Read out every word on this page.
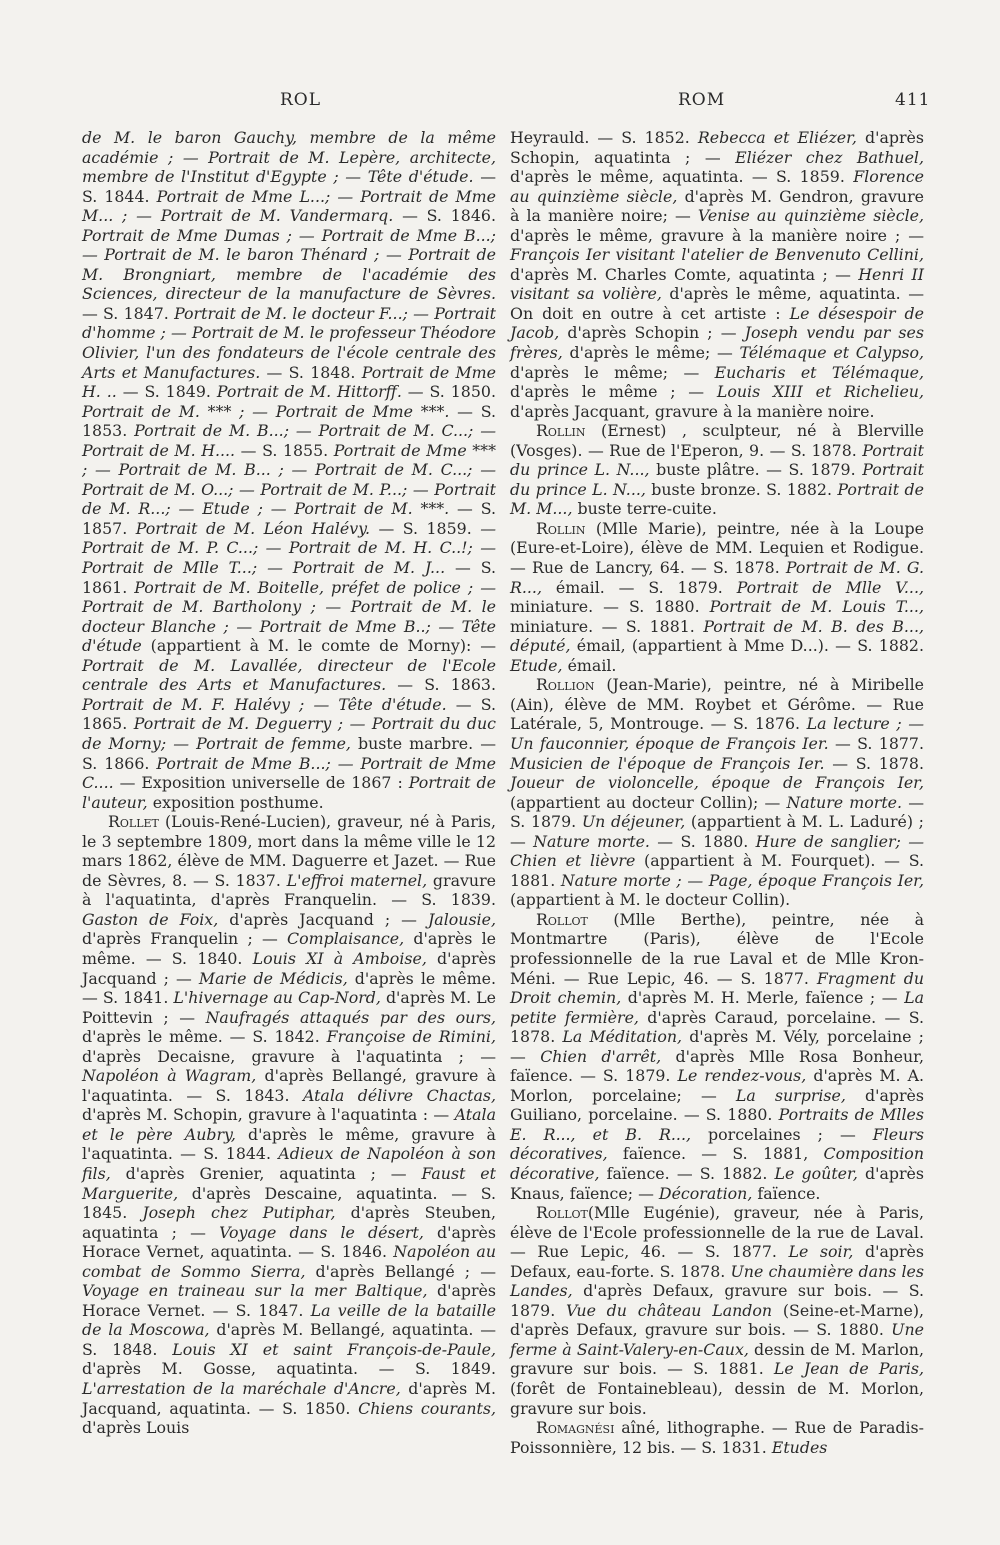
ROL	ROM	411

de M. le baron Gauchy, membre de la même académie ; — Portrait de M. Lepère, architecte, membre de l'Institut d'Egypte ; — Tête d'étude. — S. 1844. Portrait de Mme L...; — Portrait de Mme M... ; — Portrait de M. Vandermarq. — S. 1846. Portrait de Mme Dumas ; — Portrait de Mme B...; — Portrait de M. le baron Thénard ; — Portrait de M. Brongniart, membre de l'académie des Sciences, directeur de la manufacture de Sèvres. — S. 1847. Portrait de M. le docteur F...; — Portrait d'homme ; — Portrait de M. le professeur Théodore Olivier, l'un des fondateurs de l'école centrale des Arts et Manufactures. — S. 1848. Portrait de Mme H. .. — S. 1849. Portrait de M. Hittorff. — S. 1850. Portrait de M. *** ; — Portrait de Mme ***. — S. 1853. Portrait de M. B...; — Portrait de M. C...; — Portrait de M. H.... — S. 1855. Portrait de Mme *** ; — Portrait de M. B... ; — Portrait de M. C...; — Portrait de M. O...; — Portrait de M. P...; — Portrait de M. R...; — Etude ; — Portrait de M. ***. — S. 1857. Portrait de M. Léon Halévy. — S. 1859. — Portrait de M. P. C...; — Portrait de M. H. C..!; — Portrait de Mlle T...; — Portrait de M. J... — S. 1861. Portrait de M. Boitelle, préfet de police ; — Portrait de M. Bartholony ; — Portrait de M. le docteur Blanche ; — Portrait de Mme B..; — Tête d'étude (appartient à M. le comte de Morny): — Portrait de M. Lavallée, directeur de l'Ecole centrale des Arts et Manufactures. — S. 1863. Portrait de M. F. Halévy ; — Tête d'étude. — S. 1865. Portrait de M. Deguerry ; — Portrait du duc de Morny; — Portrait de femme, buste marbre. — S. 1866. Portrait de Mme B...; — Portrait de Mme C.... — Exposition universelle de 1867 : Portrait de l'auteur, exposition posthume.

Rollet (Louis-René-Lucien), graveur, né à Paris, le 3 septembre 1809, mort dans la même ville le 12 mars 1862, élève de MM. Daguerre et Jazet. — Rue de Sèvres, 8. — S. 1837. L'effroi maternel, gravure à l'aquatinta, d'après Franquelin. — S. 1839. Gaston de Foix, d'après Jacquand ; — Jalousie, d'après Franquelin ; — Complaisance, d'après le même. — S. 1840. Louis XI à Amboise, d'après Jacquand ; — Marie de Médicis, d'après le même. — S. 1841. L'hivernage au Cap-Nord, d'après M. Le Poittevin ; — Naufragés attaqués par des ours, d'après le même. — S. 1842. Françoise de Rimini, d'après Decaisne, gravure à l'aquatinta ; — Napoléon à Wagram, d'après Bellangé, gravure à l'aquatinta. — S. 1843. Atala délivre Chactas, d'après M. Schopin, gravure à l'aquatinta : — Atala et le père Aubry, d'après le même, gravure à l'aquatinta. — S. 1844. Adieux de Napoléon à son fils, d'après Grenier, aquatinta ; — Faust et Marguerite, d'après Descaine, aquatinta. — S. 1845. Joseph chez Putiphar, d'après Steuben, aquatinta ; — Voyage dans le désert, d'après Horace Vernet, aquatinta. — S. 1846. Napoléon au combat de Sommo Sierra, d'après Bellangé ; — Voyage en traineau sur la mer Baltique, d'après Horace Vernet. — S. 1847. La veille de la bataille de la Moscowa, d'après M. Bellangé, aquatinta. — S. 1848. Louis XI et saint François-de-Paule, d'après M. Gosse, aquatinta. — S. 1849. L'arrestation de la maréchale d'Ancre, d'après M. Jacquand, aquatinta. — S. 1850. Chiens courants, d'après Louis

Heyrauld. — S. 1852. Rebecca et Eliézer, d'après Schopin, aquatinta ; — Eliézer chez Bathuel, d'après le même, aquatinta. — S. 1859. Florence au quinzième siècle, d'après M. Gendron, gravure à la manière noire; — Venise au quinzième siècle, d'après le même, gravure à la manière noire ; — François Ier visitant l'atelier de Benvenuto Cellini, d'après M. Charles Comte, aquatinta ; — Henri II visitant sa volière, d'après le même, aquatinta. — On doit en outre à cet artiste : Le désespoir de Jacob, d'après Schopin ; — Joseph vendu par ses frères, d'après le même; — Télémaque et Calypso, d'après le même; — Eucharis et Télémaque, d'après le même ; — Louis XIII et Richelieu, d'après Jacquant, gravure à la manière noire.

Rollin (Ernest) , sculpteur, né à Blerville (Vosges). — Rue de l'Eperon, 9. — S. 1878. Portrait du prince L. N..., buste plâtre. — S. 1879. Portrait du prince L. N..., buste bronze. S. 1882. Portrait de M. M..., buste terre-cuite.

Rollin (Mlle Marie), peintre, née à la Loupe (Eure-et-Loire), élève de MM. Lequien et Rodigue. — Rue de Lancry, 64. — S. 1878. Portrait de M. G. R..., émail. — S. 1879. Portrait de Mlle V..., miniature. — S. 1880. Portrait de M. Louis T..., miniature. — S. 1881. Portrait de M. B. des B..., député, émail, (appartient à Mme D...). — S. 1882. Etude, émail.

Rollion (Jean-Marie), peintre, né à Miribelle (Ain), élève de MM. Roybet et Gérôme. — Rue Latérale, 5, Montrouge. — S. 1876. La lecture ; — Un fauconnier, époque de François Ier. — S. 1877. Musicien de l'époque de François Ier. — S. 1878. Joueur de violoncelle, époque de François Ier, (appartient au docteur Collin); — Nature morte. — S. 1879. Un déjeuner, (appartient à M. L. Laduré) ; — Nature morte. — S. 1880. Hure de sanglier; — Chien et lièvre (appartient à M. Fourquet). — S. 1881. Nature morte ; — Page, époque François Ier, (appartient à M. le docteur Collin).

Rollot (Mlle Berthe), peintre, née à Montmartre (Paris), élève de l'Ecole professionnelle de la rue Laval et de Mlle Kron-Méni. — Rue Lepic, 46. — S. 1877. Fragment du Droit chemin, d'après M. H. Merle, faïence ; — La petite fermière, d'après Caraud, porcelaine. — S. 1878. La Méditation, d'après M. Vély, porcelaine ; — Chien d'arrêt, d'après Mlle Rosa Bonheur, faïence. — S. 1879. Le rendez-vous, d'après M. A. Morlon, porcelaine; — La surprise, d'après Guiliano, porcelaine. — S. 1880. Portraits de Mlles E. R..., et B. R..., porcelaines ; — Fleurs décoratives, faïence. — S. 1881, Composition décorative, faïence. — S. 1882. Le goûter, d'après Knaus, faïence; — Décoration, faïence.

Rollot(Mlle Eugénie), graveur, née à Paris, élève de l'Ecole professionnelle de la rue de Laval. — Rue Lepic, 46. — S. 1877. Le soir, d'après Defaux, eau-forte. S. 1878. Une chaumière dans les Landes, d'après Defaux, gravure sur bois. — S. 1879. Vue du château Landon (Seine-et-Marne), d'après Defaux, gravure sur bois. — S. 1880. Une ferme à Saint-Valery-en-Caux, dessin de M. Marlon, gravure sur bois. — S. 1881. Le Jean de Paris, (forêt de Fontainebleau), dessin de M. Morlon, gravure sur bois.

Romagnési aîné, lithographe. — Rue de Paradis-Poissonnière, 12 bis. — S. 1831. Etudes
